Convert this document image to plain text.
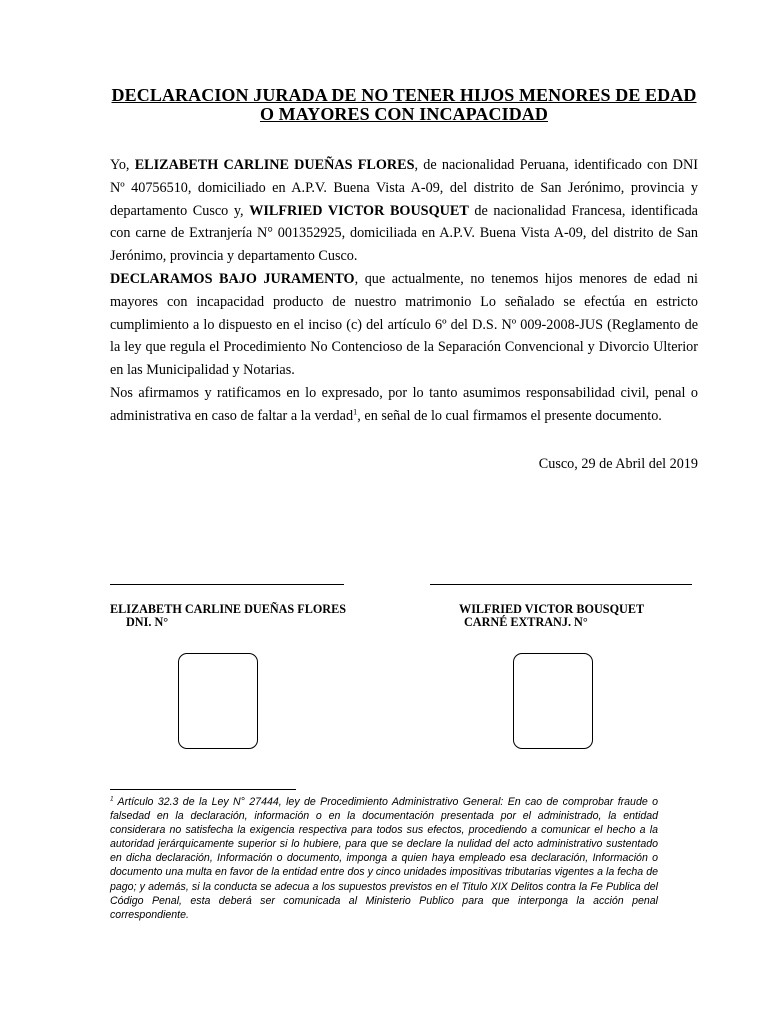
DECLARACION JURADA DE NO TENER HIJOS MENORES DE EDAD
O MAYORES CON INCAPACIDAD

Yo, ELIZABETH CARLINE DUEÑAS FLORES, de nacionalidad Peruana, identificado con DNI Nº 40756510, domiciliado en A.P.V. Buena Vista A-09, del distrito de San Jerónimo, provincia y departamento Cusco y, WILFRIED VICTOR BOUSQUET de nacionalidad Francesa, identificada con carne de Extranjería N° 001352925, domiciliada en A.P.V. Buena Vista A-09, del distrito de San Jerónimo, provincia y departamento Cusco.

DECLARAMOS BAJO JURAMENTO, que actualmente, no tenemos hijos menores de edad ni mayores con incapacidad producto de nuestro matrimonio Lo señalado se efectúa en estricto cumplimiento a lo dispuesto en el inciso (c) del artículo 6º del D.S. Nº 009-2008-JUS (Reglamento de la ley que regula el Procedimiento No Contencioso de la Separación Convencional y Divorcio Ulterior en las Municipalidad y Notarias.

Nos afirmamos y ratificamos en lo expresado, por lo tanto asumimos responsabilidad civil, penal o administrativa en caso de faltar a la verdad$^1$, en señal de lo cual firmamos el presente documento.

Cusco, 29 de Abril del 2019
ELIZABETH CARLINE DUEÑAS FLORES
DNI. N°
WILFRIED VICTOR BOUSQUET
CARNÉ EXTRANJ. N°
$^1$ Artículo 32.3 de la Ley N° 27444, ley de Procedimiento Administrativo General: En cao de comprobar fraude o falsedad en la declaración, información o en la documentación presentada por el administrado, la entidad considerara no satisfecha la exigencia respectiva para todos sus efectos, procediendo a comunicar el hecho a la autoridad jerárquicamente superior si lo hubiere, para que se declare la nulidad del acto administrativo sustentado en dicha declaración, Información o documento, imponga a quien haya empleado esa declaración, Información o documento una multa en favor de la entidad entre dos y cinco unidades impositivas tributarias vigentes a la fecha de pago; y además, si la conducta se adecua a los supuestos previstos en el Titulo XIX Delitos contra la Fe Publica del Código Penal, esta deberá ser comunicada al Ministerio Publico para que interponga la acción penal correspondiente.
